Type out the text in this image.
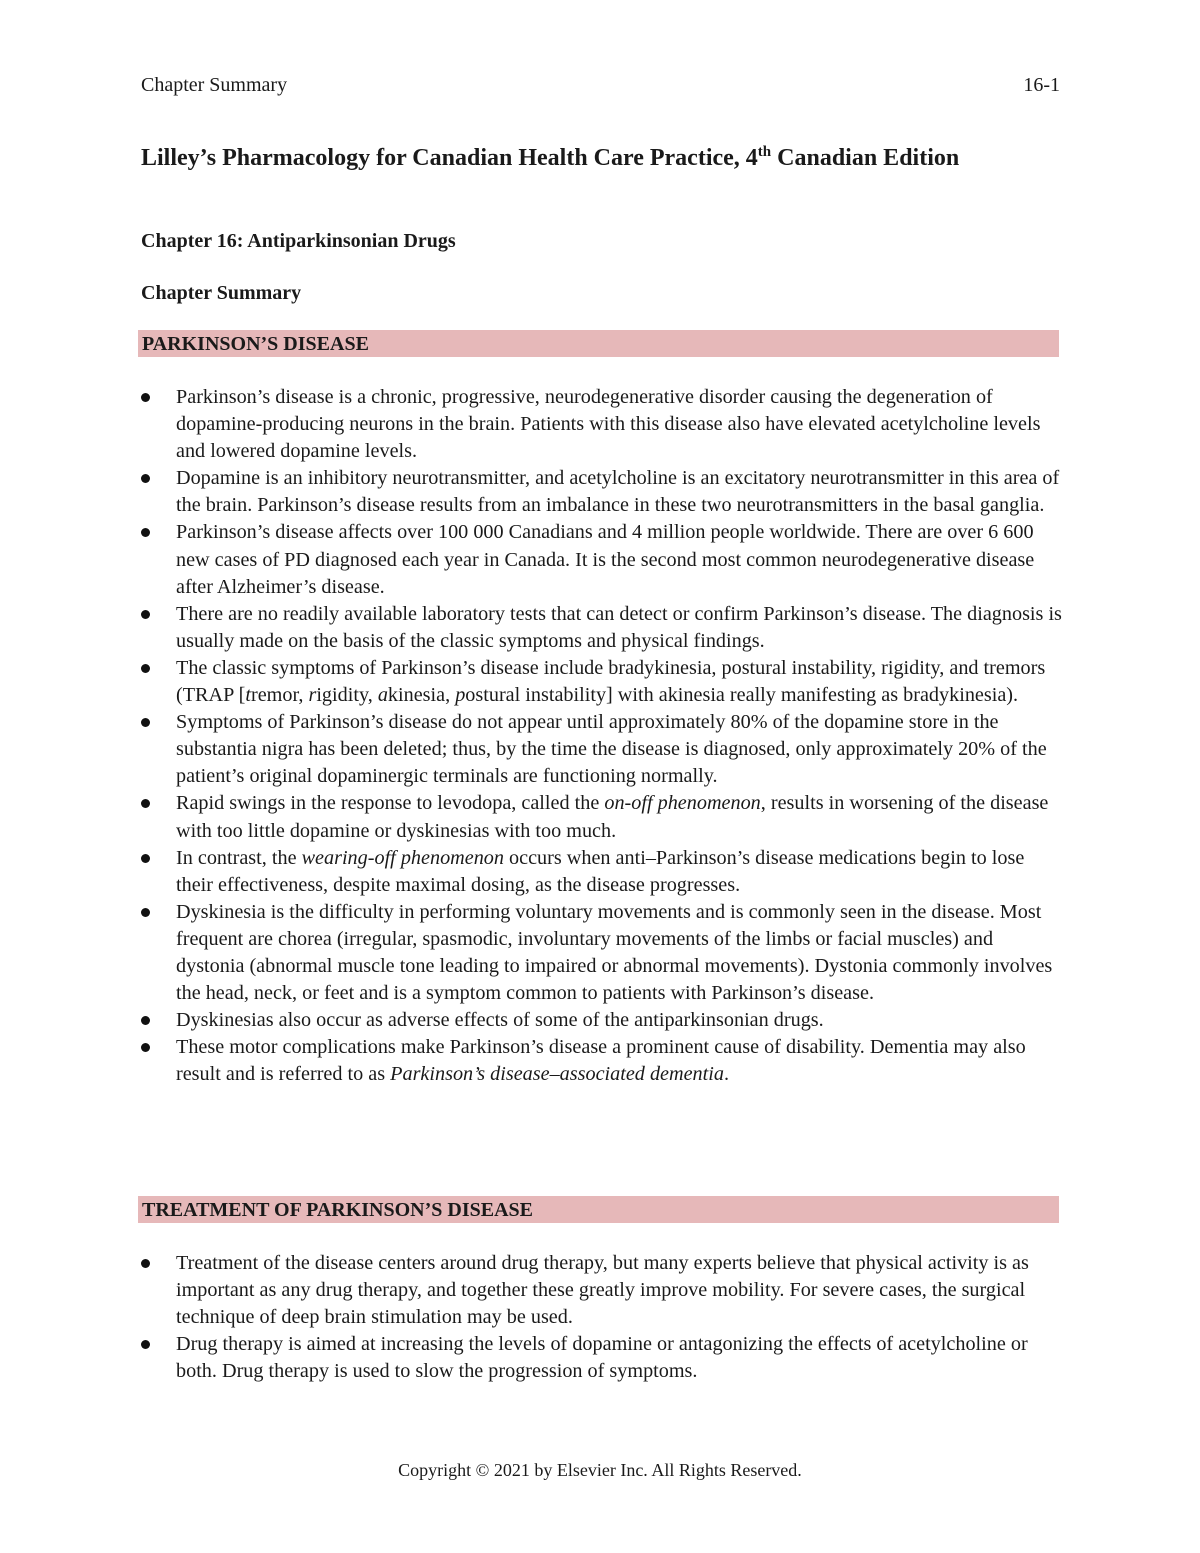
Chapter Summary	16-1
Lilley’s Pharmacology for Canadian Health Care Practice, 4th Canadian Edition
Chapter 16: Antiparkinsonian Drugs
Chapter Summary
PARKINSON’S DISEASE
Parkinson’s disease is a chronic, progressive, neurodegenerative disorder causing the degeneration of dopamine-producing neurons in the brain. Patients with this disease also have elevated acetylcholine levels and lowered dopamine levels.
Dopamine is an inhibitory neurotransmitter, and acetylcholine is an excitatory neurotransmitter in this area of the brain. Parkinson’s disease results from an imbalance in these two neurotransmitters in the basal ganglia.
Parkinson’s disease affects over 100 000 Canadians and 4 million people worldwide. There are over 6 600 new cases of PD diagnosed each year in Canada. It is the second most common neurodegenerative disease after Alzheimer’s disease.
There are no readily available laboratory tests that can detect or confirm Parkinson’s disease. The diagnosis is usually made on the basis of the classic symptoms and physical findings.
The classic symptoms of Parkinson’s disease include bradykinesia, postural instability, rigidity, and tremors (TRAP [tremor, rigidity, akinesia, postural instability] with akinesia really manifesting as bradykinesia).
Symptoms of Parkinson’s disease do not appear until approximately 80% of the dopamine store in the substantia nigra has been deleted; thus, by the time the disease is diagnosed, only approximately 20% of the patient’s original dopaminergic terminals are functioning normally.
Rapid swings in the response to levodopa, called the on-off phenomenon, results in worsening of the disease with too little dopamine or dyskinesias with too much.
In contrast, the wearing-off phenomenon occurs when anti–Parkinson’s disease medications begin to lose their effectiveness, despite maximal dosing, as the disease progresses.
Dyskinesia is the difficulty in performing voluntary movements and is commonly seen in the disease. Most frequent are chorea (irregular, spasmodic, involuntary movements of the limbs or facial muscles) and dystonia (abnormal muscle tone leading to impaired or abnormal movements). Dystonia commonly involves the head, neck, or feet and is a symptom common to patients with Parkinson’s disease.
Dyskinesias also occur as adverse effects of some of the antiparkinsonian drugs.
These motor complications make Parkinson’s disease a prominent cause of disability. Dementia may also result and is referred to as Parkinson’s disease–associated dementia.
TREATMENT OF PARKINSON’S DISEASE
Treatment of the disease centers around drug therapy, but many experts believe that physical activity is as important as any drug therapy, and together these greatly improve mobility. For severe cases, the surgical technique of deep brain stimulation may be used.
Drug therapy is aimed at increasing the levels of dopamine or antagonizing the effects of acetylcholine or both. Drug therapy is used to slow the progression of symptoms.
Copyright © 2021 by Elsevier Inc. All Rights Reserved.
